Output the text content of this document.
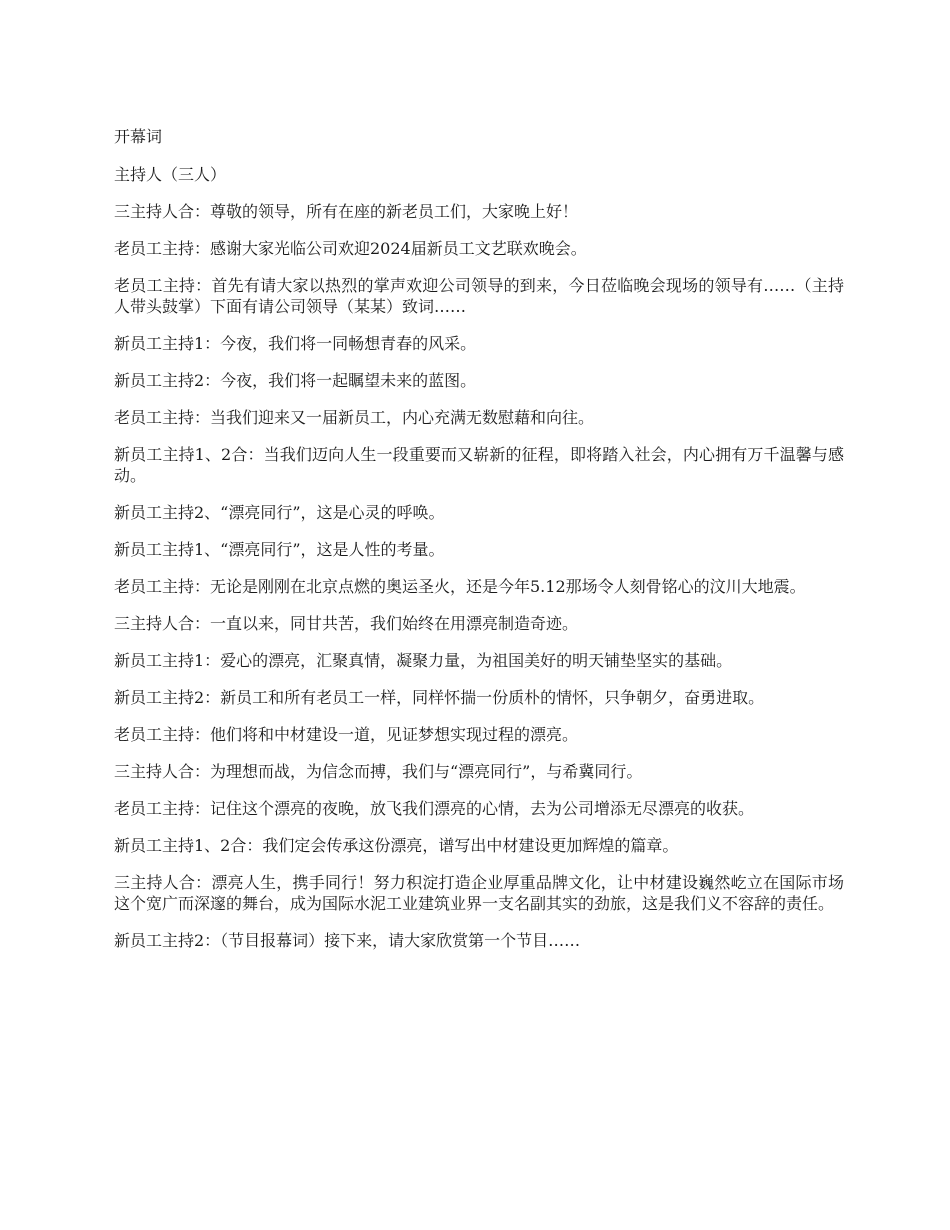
开幕词

主持人（三人）

三主持人合：尊敬的领导，所有在座的新老员工们，大家晚上好！

老员工主持：感谢大家光临公司欢迎2024届新员工文艺联欢晚会。

老员工主持：首先有请大家以热烈的掌声欢迎公司领导的到来，今日莅临晚会现场的领导有……（主持人带头鼓掌）下面有请公司领导（某某）致词……

新员工主持1：今夜，我们将一同畅想青春的风采。

新员工主持2：今夜，我们将一起瞩望未来的蓝图。

老员工主持：当我们迎来又一届新员工，内心充满无数慰藉和向往。

新员工主持1、2合：当我们迈向人生一段重要而又崭新的征程，即将踏入社会，内心拥有万千温馨与感动。

新员工主持2、“漂亮同行”，这是心灵的呼唤。

新员工主持1、“漂亮同行”，这是人性的考量。

老员工主持：无论是刚刚在北京点燃的奥运圣火，还是今年5.12那场令人刻骨铭心的汶川大地震。

三主持人合：一直以来，同甘共苦，我们始终在用漂亮制造奇迹。

新员工主持1：爱心的漂亮，汇聚真情，凝聚力量，为祖国美好的明天铺垫坚实的基础。

新员工主持2：新员工和所有老员工一样，同样怀揣一份质朴的情怀，只争朝夕，奋勇进取。

老员工主持：他们将和中材建设一道，见证梦想实现过程的漂亮。

三主持人合：为理想而战，为信念而搏，我们与“漂亮同行”，与希冀同行。

老员工主持：记住这个漂亮的夜晚，放飞我们漂亮的心情，去为公司增添无尽漂亮的收获。

新员工主持1、2合：我们定会传承这份漂亮，谱写出中材建设更加辉煌的篇章。

三主持人合：漂亮人生，携手同行！努力积淀打造企业厚重品牌文化，让中材建设巍然屹立在国际市场这个宽广而深邃的舞台，成为国际水泥工业建筑业界一支名副其实的劲旅，这是我们义不容辞的责任。

新员工主持2：（节目报幕词）接下来，请大家欣赏第一个节目……
